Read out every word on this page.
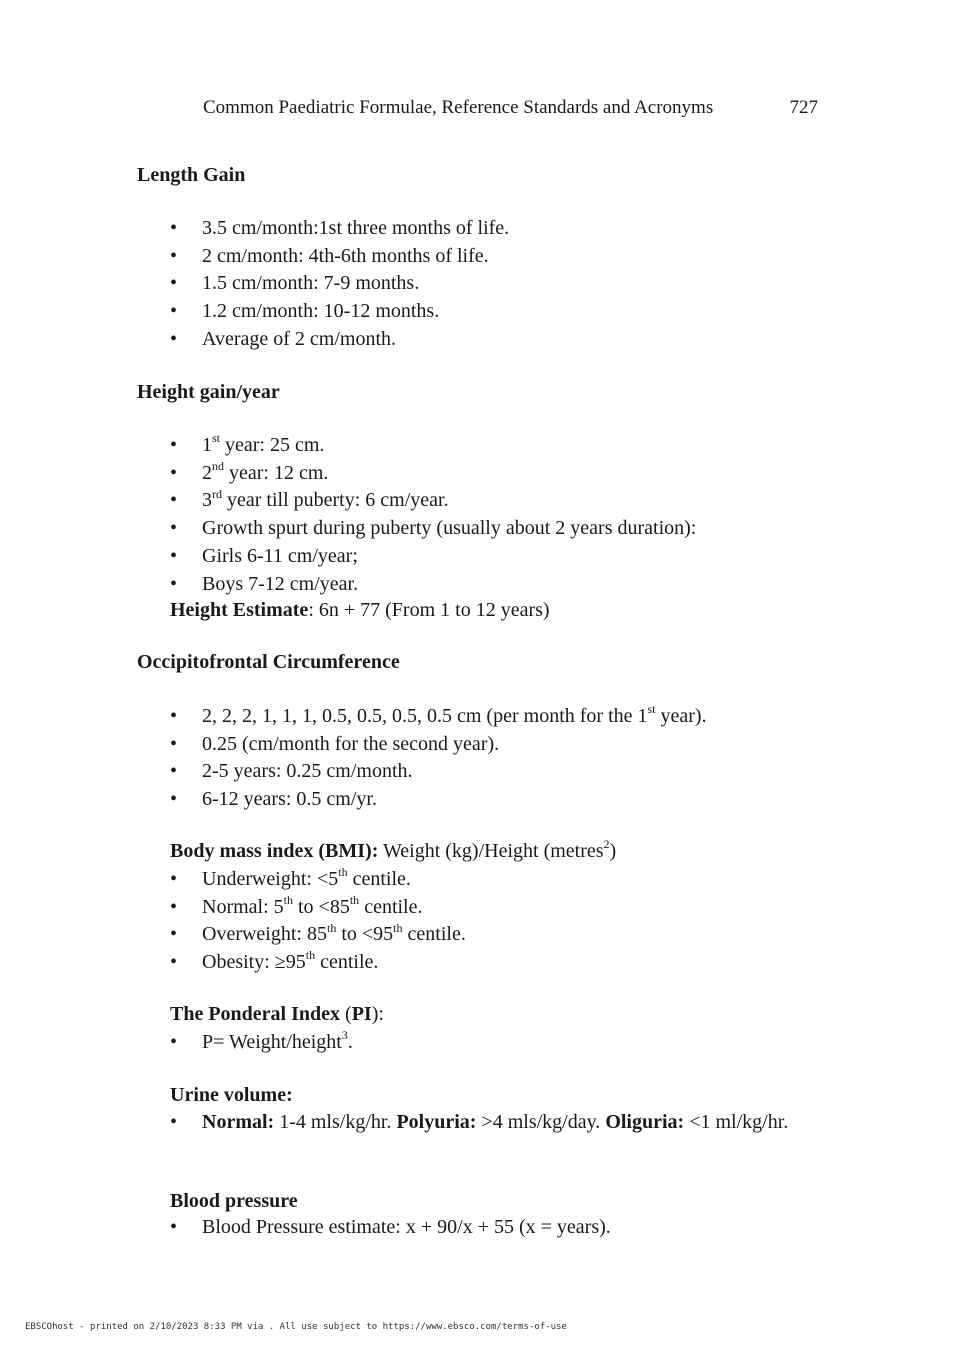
Common Paediatric Formulae, Reference Standards and Acronyms	727
Length Gain
• 3.5 cm/month:1st three months of life.
• 2 cm/month: 4th-6th months of life.
• 1.5 cm/month: 7-9 months.
• 1.2 cm/month: 10-12 months.
• Average of 2 cm/month.
Height gain/year
• 1st year: 25 cm.
• 2nd year: 12 cm.
• 3rd year till puberty: 6 cm/year.
• Growth spurt during puberty (usually about 2 years duration):
• Girls 6-11 cm/year;
• Boys 7-12 cm/year.

Height Estimate: 6n + 77 (From 1 to 12 years)

Occipitofrontal Circumference
• 2, 2, 2, 1, 1, 1, 0.5, 0.5, 0.5, 0.5 cm (per month for the 1st year).
• 0.25 (cm/month for the second year).
• 2-5 years: 0.25 cm/month.
• 6-12 years: 0.5 cm/yr.

Body mass index (BMI): Weight (kg)/Height (metres$^2$)

• Underweight: <5th centile.
• Normal: 5th to <85th centile.
• Overweight: 85th to <95th centile.
• Obesity: ≥95th centile.

The Ponderal Index (PI):

• P= Weight/height$^3$.
Urine volume:
• Normal: 1-4 mls/kg/hr. Polyuria: >4 mls/kg/day. Oliguria: <1 ml/kg/hr.
Blood pressure
• Blood Pressure estimate: x + 90/x + 55 (x = years).
EBSCOhost - printed on 2/10/2023 8:33 PM via . All use subject to https://www.ebsco.com/terms-of-use
